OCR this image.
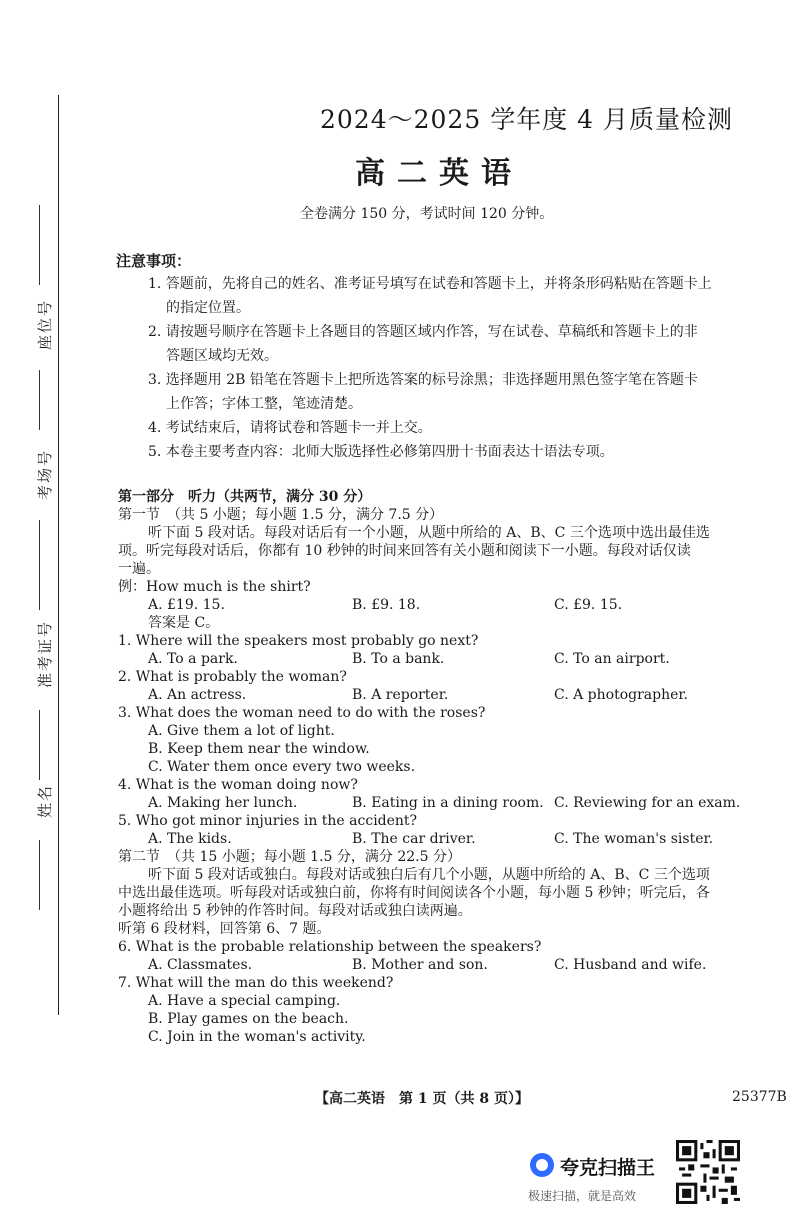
座位号
考场号
准考证号
姓名
2024～2025 学年度 4 月质量检测
高二英语
全卷满分 150 分，考试时间 120 分钟。
注意事项：
1. 答题前，先将自己的姓名、准考证号填写在试卷和答题卡上，并将条形码粘贴在答题卡上
的指定位置。
2. 请按题号顺序在答题卡上各题目的答题区域内作答，写在试卷、草稿纸和答题卡上的非
答题区域均无效。
3. 选择题用 2B 铅笔在答题卡上把所选答案的标号涂黑；非选择题用黑色签字笔在答题卡
上作答；字体工整，笔迹清楚。
4. 考试结束后，请将试卷和答题卡一并上交。
5. 本卷主要考查内容：北师大版选择性必修第四册十书面表达十语法专项。
第一部分　听力（共两节，满分 30 分）
第一节　（共 5 小题；每小题 1.5 分，满分 7.5 分）
听下面 5 段对话。每段对话后有一个小题，从题中所给的 A、B、C 三个选项中选出最佳选
项。听完每段对话后，你都有 10 秒钟的时间来回答有关小题和阅读下一小题。每段对话仅读
一遍。
例：How much is the shirt?
A. £19. 15.	B. £9. 18.	C. £9. 15.
答案是 C。
1. Where will the speakers most probably go next?
A. To a park.	B. To a bank.	C. To an airport.
2. What is probably the woman?
A. An actress.	B. A reporter.	C. A photographer.
3. What does the woman need to do with the roses?
A. Give them a lot of light.
B. Keep them near the window.
C. Water them once every two weeks.
4. What is the woman doing now?
A. Making her lunch.	B. Eating in a dining room. C. Reviewing for an exam.
5. Who got minor injuries in the accident?
A. The kids.	B. The car driver.	C. The woman's sister.
第二节　（共 15 小题；每小题 1.5 分，满分 22.5 分）
听下面 5 段对话或独白。每段对话或独白后有几个小题，从题中所给的 A、B、C 三个选项
中选出最佳选项。听每段对话或独白前，你将有时间阅读各个小题，每小题 5 秒钟；听完后，各
小题将给出 5 秒钟的作答时间。每段对话或独白读两遍。
听第 6 段材料，回答第 6、7 题。
6. What is the probable relationship between the speakers?
A. Classmates.	B. Mother and son.	C. Husband and wife.
7. What will the man do this weekend?
A. Have a special camping.
B. Play games on the beach.
C. Join in the woman's activity.
【高二英语　第 1 页（共 8 页）】	25377B
夸克扫描王
极速扫描，就是高效
